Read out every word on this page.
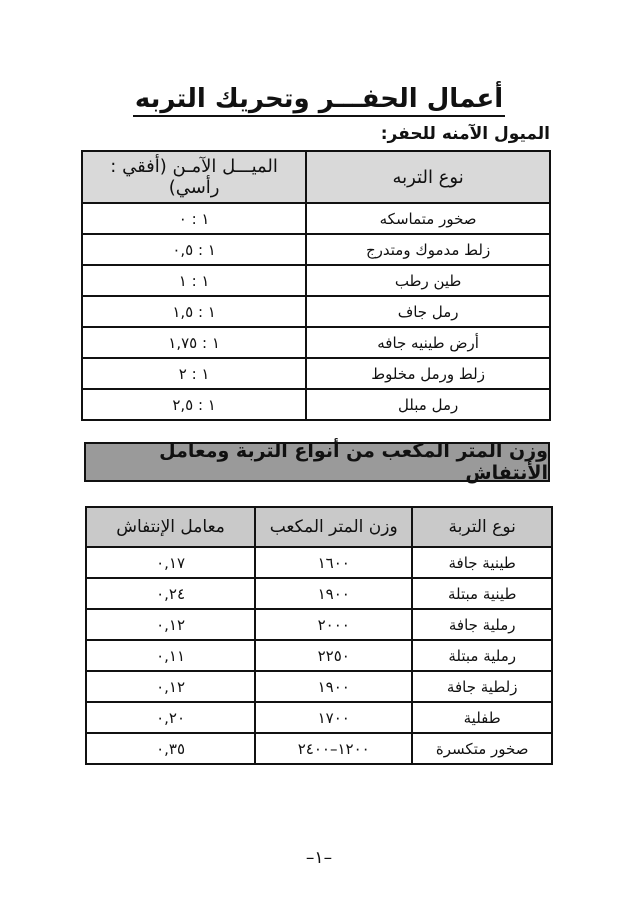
أعمال الحفـــر وتحريك التربه
الميول الآمنه للحفر:
نوع التربه	الميـــل الآمـن (أفقي : رأسي)
صخور متماسكه	١ : ٠
زلط مدموك ومتدرج	١ : ٠,٥
طين رطب	١ : ١
رمل جاف	١ : ١,٥
أرض طينيه جافه	١ : ١,٧٥
زلط ورمل مخلوط	١ : ٢
رمل مبلل	١ : ٢,٥
وزن المتر المكعب من أنواع التربة ومعامل الأنتفاش
نوع التربة	وزن المتر المكعب	معامل الإنتفاش
طينية جافة	١٦٠٠	٠,١٧
طينية مبتلة	١٩٠٠	٠,٢٤
رملية جافة	٢٠٠٠	٠,١٢
رملية مبتلة	٢٢٥٠	٠,١١
زلطية جافة	١٩٠٠	٠,١٢
طفلية	١٧٠٠	٠,٢٠
صخور متكسرة	١٢٠٠–٢٤٠٠	٠,٣٥
–١–
